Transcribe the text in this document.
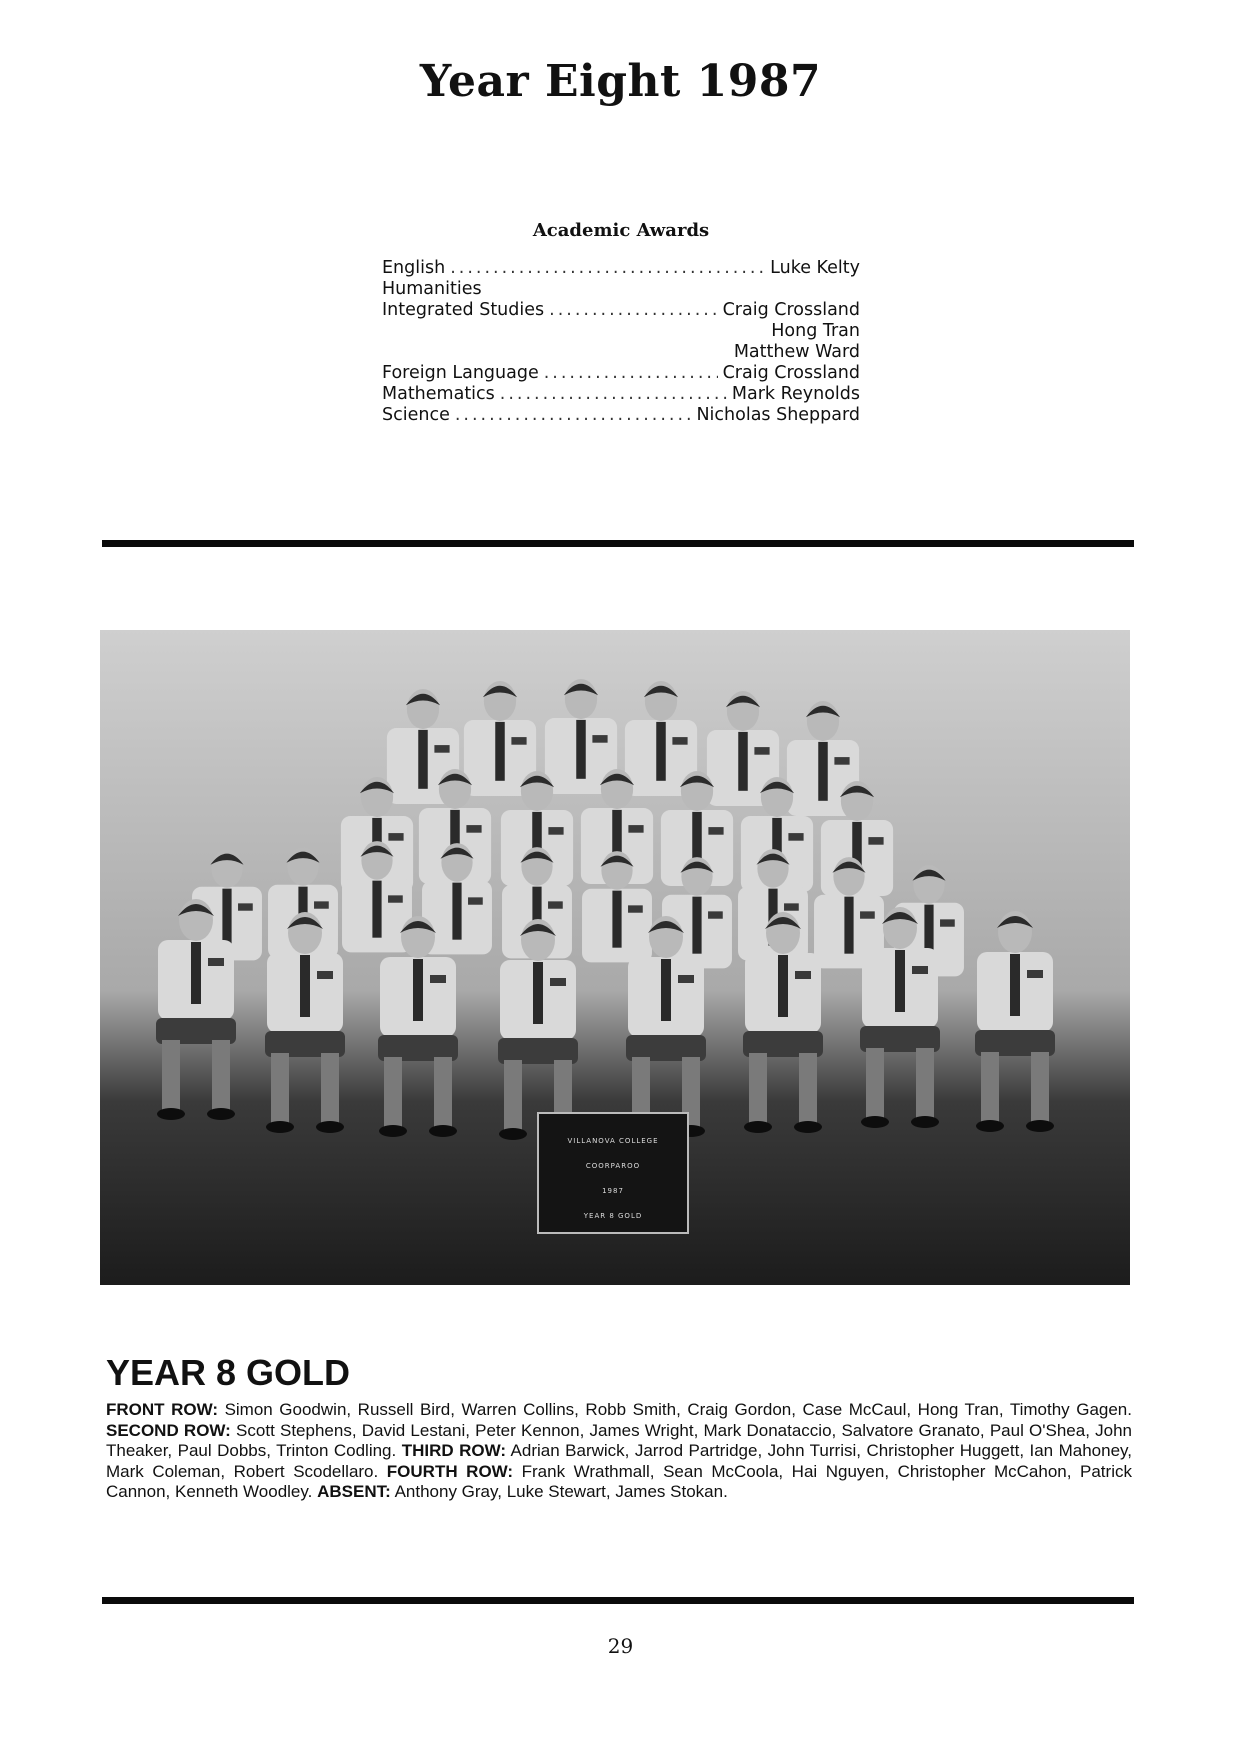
Year Eight 1987
Academic Awards
English .....	Luke Kelty
Humanities
Integrated Studies .....	Craig Crossland
Hong Tran
Matthew Ward
Foreign Language .....	Craig Crossland
Mathematics .....	Mark Reynolds
Science .....	Nicholas Sheppard
VILLANOVA COLLEGE
COORPAROO
1987
YEAR 8 GOLD
YEAR 8 GOLD
FRONT ROW: Simon Goodwin, Russell Bird, Warren Collins, Robb Smith, Craig Gordon, Case McCaul, Hong Tran, Timothy Gagen. SECOND ROW: Scott Stephens, David Lestani, Peter Kennon, James Wright, Mark Donataccio, Salvatore Granato, Paul O'Shea, John Theaker, Paul Dobbs, Trinton Codling. THIRD ROW: Adrian Barwick, Jarrod Partridge, John Turrisi, Christopher Huggett, Ian Mahoney, Mark Coleman, Robert Scodellaro. FOURTH ROW: Frank Wrathmall, Sean McCoola, Hai Nguyen, Christopher McCahon, Patrick Cannon, Kenneth Woodley. ABSENT: Anthony Gray, Luke Stewart, James Stokan.
29
